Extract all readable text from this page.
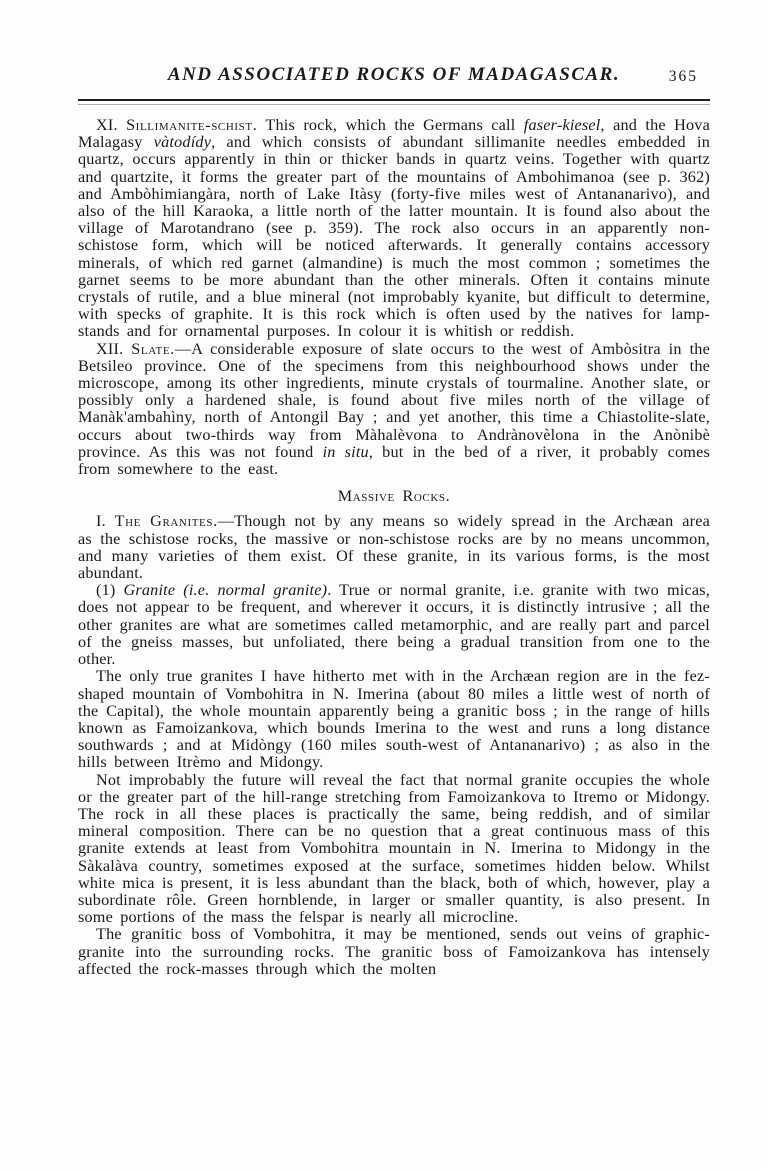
AND ASSOCIATED ROCKS OF MADAGASCAR.	365

XI. Sillimanite-schist. This rock, which the Germans call faser-kiesel, and the Hova Malagasy vàtodídy, and which consists of abundant sillimanite needles embedded in quartz, occurs apparently in thin or thicker bands in quartz veins. Together with quartz and quartzite, it forms the greater part of the mountains of Ambohimanoa (see p. 362) and Ambòhimiangàra, north of Lake Itàsy (forty-five miles west of Antananarivo), and also of the hill Karaoka, a little north of the latter mountain. It is found also about the village of Marotandrano (see p. 359). The rock also occurs in an apparently non-schistose form, which will be noticed afterwards. It generally contains accessory minerals, of which red garnet (almandine) is much the most common ; sometimes the garnet seems to be more abundant than the other minerals. Often it contains minute crystals of rutile, and a blue mineral (not improbably kyanite, but difficult to determine, with specks of graphite. It is this rock which is often used by the natives for lamp-stands and for ornamental purposes. In colour it is whitish or reddish.

XII. Slate.—A considerable exposure of slate occurs to the west of Ambòsitra in the Betsileo province. One of the specimens from this neighbourhood shows under the microscope, among its other ingredients, minute crystals of tourmaline. Another slate, or possibly only a hardened shale, is found about five miles north of the village of Manàk'ambahìny, north of Antongil Bay ; and yet another, this time a Chiastolite-slate, occurs about two-thirds way from Màhalèvona to Andrànovèlona in the Anònibè province. As this was not found in situ, but in the bed of a river, it probably comes from somewhere to the east.

Massive Rocks.

I. The Granites.—Though not by any means so widely spread in the Archæan area as the schistose rocks, the massive or non-schistose rocks are by no means uncommon, and many varieties of them exist. Of these granite, in its various forms, is the most abundant.

(1) Granite (i.e. normal granite). True or normal granite, i.e. granite with two micas, does not appear to be frequent, and wherever it occurs, it is distinctly intrusive ; all the other granites are what are sometimes called metamorphic, and are really part and parcel of the gneiss masses, but unfoliated, there being a gradual transition from one to the other.

The only true granites I have hitherto met with in the Archæan region are in the fez-shaped mountain of Vombohitra in N. Imerina (about 80 miles a little west of north of the Capital), the whole mountain apparently being a granitic boss ; in the range of hills known as Famoizankova, which bounds Imerina to the west and runs a long distance southwards ; and at Midòngy (160 miles south-west of Antananarivo) ; as also in the hills between Itrèmo and Midongy.

Not improbably the future will reveal the fact that normal granite occupies the whole or the greater part of the hill-range stretching from Famoizankova to Itremo or Midongy. The rock in all these places is practically the same, being reddish, and of similar mineral composition. There can be no question that a great continuous mass of this granite extends at least from Vombohitra mountain in N. Imerina to Midongy in the Sàkalàva country, sometimes exposed at the surface, sometimes hidden below. Whilst white mica is present, it is less abundant than the black, both of which, however, play a subordinate rôle. Green hornblende, in larger or smaller quantity, is also present. In some portions of the mass the felspar is nearly all microcline.

The granitic boss of Vombohitra, it may be mentioned, sends out veins of graphic-granite into the surrounding rocks. The granitic boss of Famoizankova has intensely affected the rock-masses through which the molten
